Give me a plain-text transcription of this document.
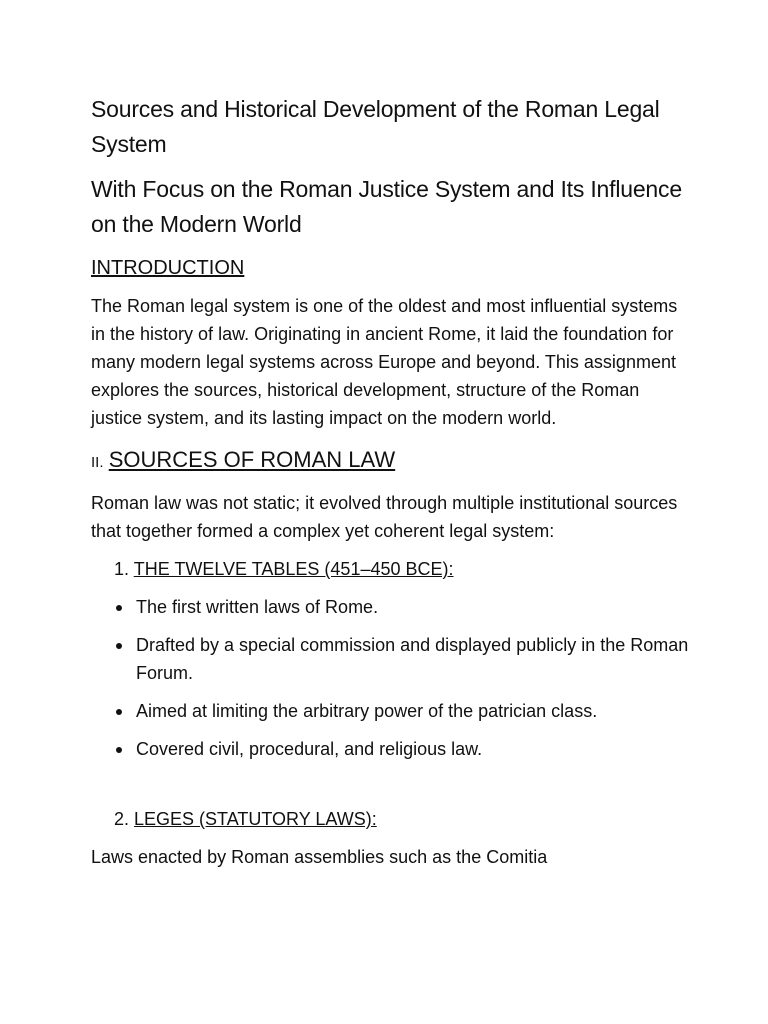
Sources and Historical Development of the Roman Legal System
With Focus on the Roman Justice System and Its Influence on the Modern World
INTRODUCTION

The Roman legal system is one of the oldest and most influential systems in the history of law. Originating in ancient Rome, it laid the foundation for many modern legal systems across Europe and beyond. This assignment explores the sources, historical development, structure of the Roman justice system, and its lasting impact on the modern world.

II. SOURCES OF ROMAN LAW

Roman law was not static; it evolved through multiple institutional sources that together formed a complex yet coherent legal system:

1. THE TWELVE TABLES (451–450 BCE):
The first written laws of Rome.
Drafted by a special commission and displayed publicly in the Roman Forum.
Aimed at limiting the arbitrary power of the patrician class.
Covered civil, procedural, and religious law.
2. LEGES (STATUTORY LAWS):

Laws enacted by Roman assemblies such as the Comitia
